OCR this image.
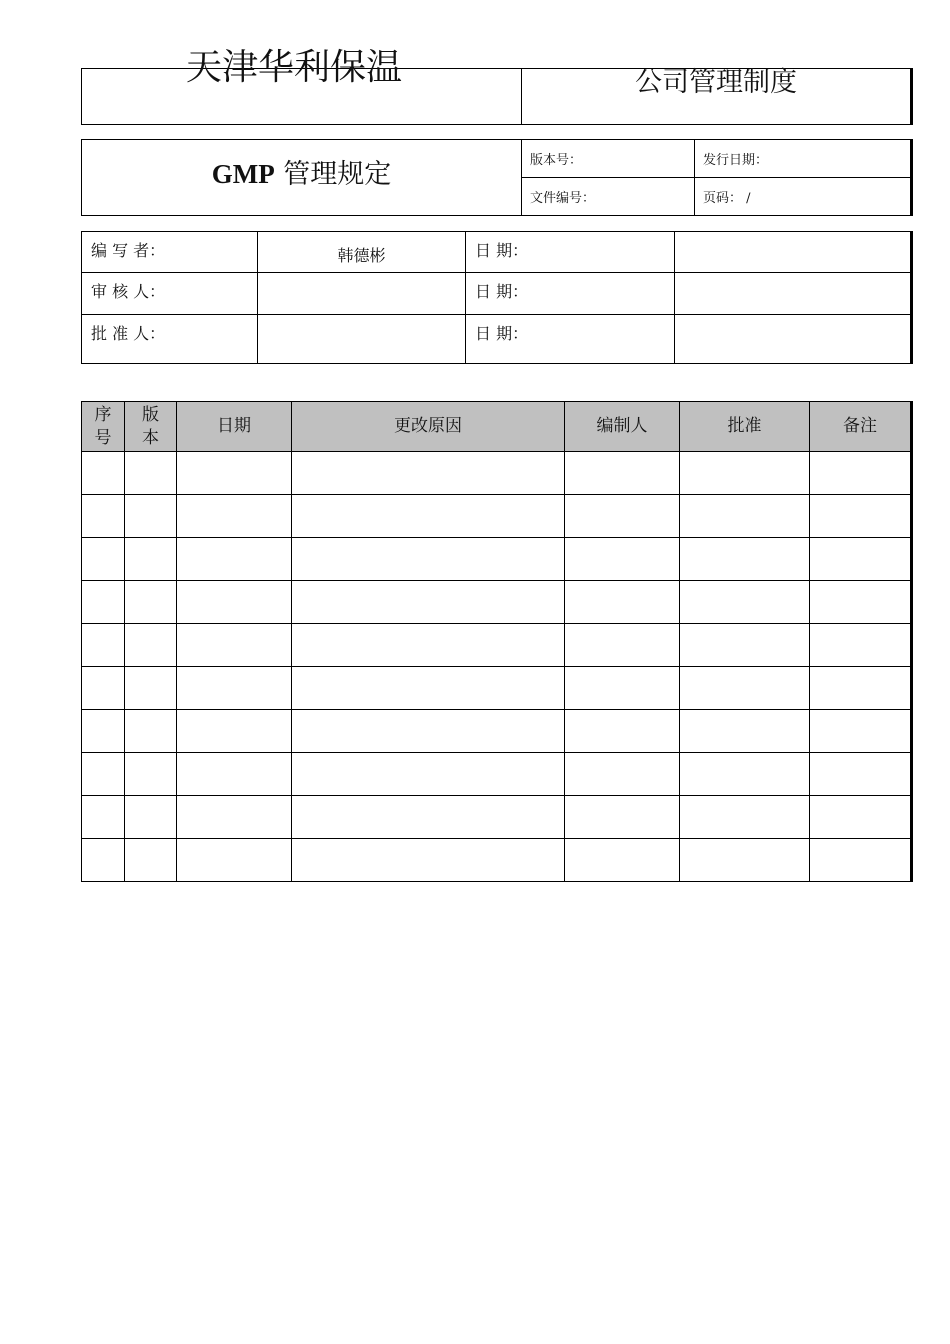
天津华利保温
		公司管理制度
GMP 管理规定	版本号：	发行日期：
	文件编号：	页码： /
编 写 者：	韩德彬	日 期：	
审 核 人：		日 期：	
批 准 人：		日 期：	
序号	版本	日期	更改原因	编制人	批准	备注
